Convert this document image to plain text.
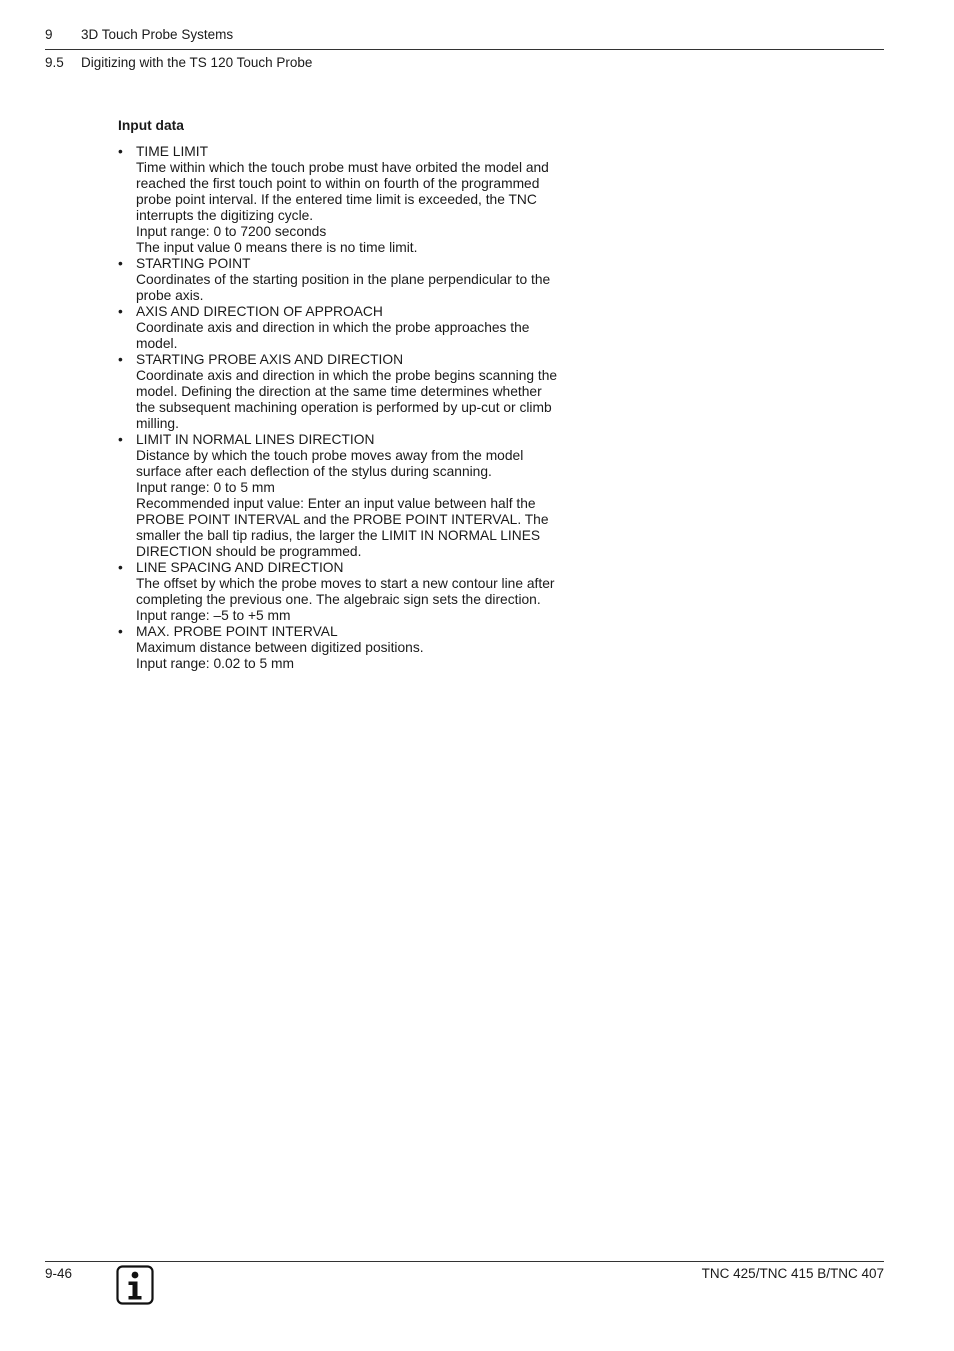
9 3D Touch Probe Systems
9.5 Digitizing with the TS 120 Touch Probe
Input data
• TIME LIMIT
Time within which the touch probe must have orbited the model and
reached the first touch point to within on fourth of the programmed
probe point interval. If the entered time limit is exceeded, the TNC
interrupts the digitizing cycle.
Input range: 0 to 7200 seconds
The input value 0 means there is no time limit.
• STARTING POINT
Coordinates of the starting position in the plane perpendicular to the
probe axis.
• AXIS AND DIRECTION OF APPROACH
Coordinate axis and direction in which the probe approaches the
model.
• STARTING PROBE AXIS AND DIRECTION
Coordinate axis and direction in which the probe begins scanning the
model. Defining the direction at the same time determines whether
the subsequent machining operation is performed by up-cut or climb
milling.
• LIMIT IN NORMAL LINES DIRECTION
Distance by which the touch probe moves away from the model
surface after each deflection of the stylus during scanning.
Input range: 0 to 5 mm
Recommended input value: Enter an input value between half the
PROBE POINT INTERVAL and the PROBE POINT INTERVAL. The
smaller the ball tip radius, the larger the LIMIT IN NORMAL LINES
DIRECTION should be programmed.
• LINE SPACING AND DIRECTION
The offset by which the probe moves to start a new contour line after
completing the previous one. The algebraic sign sets the direction.
Input range: –5 to +5 mm
• MAX. PROBE POINT INTERVAL
Maximum distance between digitized positions.
Input range: 0.02 to 5 mm
9-46	TNC 425/TNC 415 B/TNC 407
